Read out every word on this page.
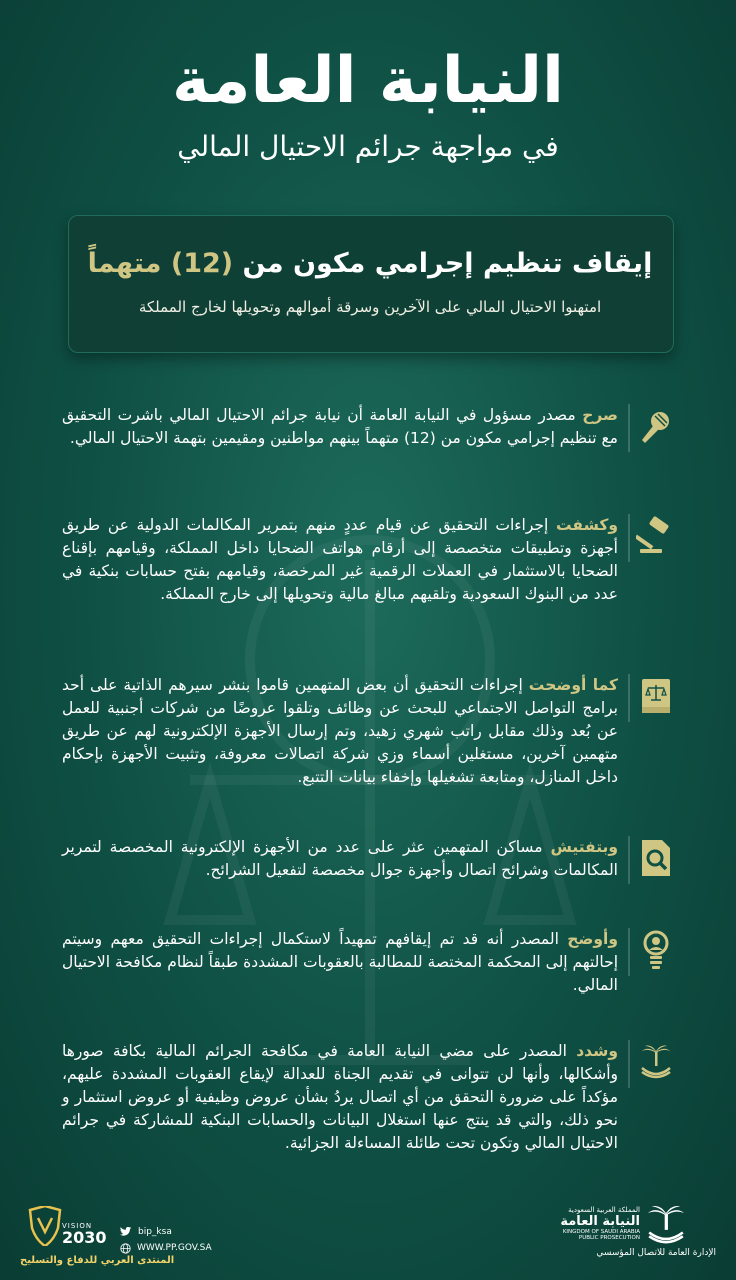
النيابة العامة
في مواجهة جرائم الاحتيال المالي
إيقاف تنظيم إجرامي مكون من (12) متهماً
امتهنوا الاحتيال المالي على الآخرين وسرقة أموالهم وتحويلها لخارج المملكة
صرح مصدر مسؤول في النيابة العامة أن نيابة جرائم الاحتيال المالي باشرت التحقيق مع تنظيم إجرامي مكون من (12) متهماً بينهم مواطنين ومقيمين بتهمة الاحتيال المالي.
وكشفت إجراءات التحقيق عن قيام عددٍ منهم بتمرير المكالمات الدولية عن طريق أجهزة وتطبيقات متخصصة إلى أرقام هواتف الضحايا داخل المملكة، وقيامهم بإقناع الضحايا بالاستثمار في العملات الرقمية غير المرخصة، وقيامهم بفتح حسابات بنكية في عدد من البنوك السعودية وتلقيهم مبالغ مالية وتحويلها إلى خارج المملكة.
كما أوضحت إجراءات التحقيق أن بعض المتهمين قاموا بنشر سيرهم الذاتية على أحد برامج التواصل الاجتماعي للبحث عن وظائف وتلقوا عروضًا من شركات أجنبية للعمل عن بُعد وذلك مقابل راتب شهري زهيد، وتم إرسال الأجهزة الإلكترونية لهم عن طريق متهمين آخرين، مستغلين أسماء وزي شركة اتصالات معروفة، وتثبيت الأجهزة بإحكام داخل المنازل، ومتابعة تشغيلها وإخفاء بيانات التتبع.
وبتفتيش مساكن المتهمين عثر على عدد من الأجهزة الإلكترونية المخصصة لتمرير المكالمات وشرائح اتصال وأجهزة جوال مخصصة لتفعيل الشرائح.
وأوضح المصدر أنه قد تم إيقافهم تمهيداً لاستكمال إجراءات التحقيق معهم وسيتم إحالتهم إلى المحكمة المختصة للمطالبة بالعقوبات المشددة طبقاً لنظام مكافحة الاحتيال المالي.
وشدد المصدر على مضي النيابة العامة في مكافحة الجرائم المالية بكافة صورها وأشكالها، وأنها لن تتوانى في تقديم الجناة للعدالة لإيقاع العقوبات المشددة عليهم، مؤكداً على ضرورة التحقق من أي اتصال يردُ بشأن عروض وظيفية أو عروض استثمار و نحو ذلك، والتي قد ينتج عنها استغلال البيانات والحسابات البنكية للمشاركة في جرائم الاحتيال المالي وتكون تحت طائلة المساءلة الجزائية.
المملكة العربية السعودية
النيابة العامة
KINGDOM OF SAUDI ARABIA
PUBLIC PROSECUTION
الإدارة العامة للاتصال المؤسسي
bip_ksa
WWW.PP.GOV.SA
VISION
2030
المنتدى العربي للدفاع والتسليح
